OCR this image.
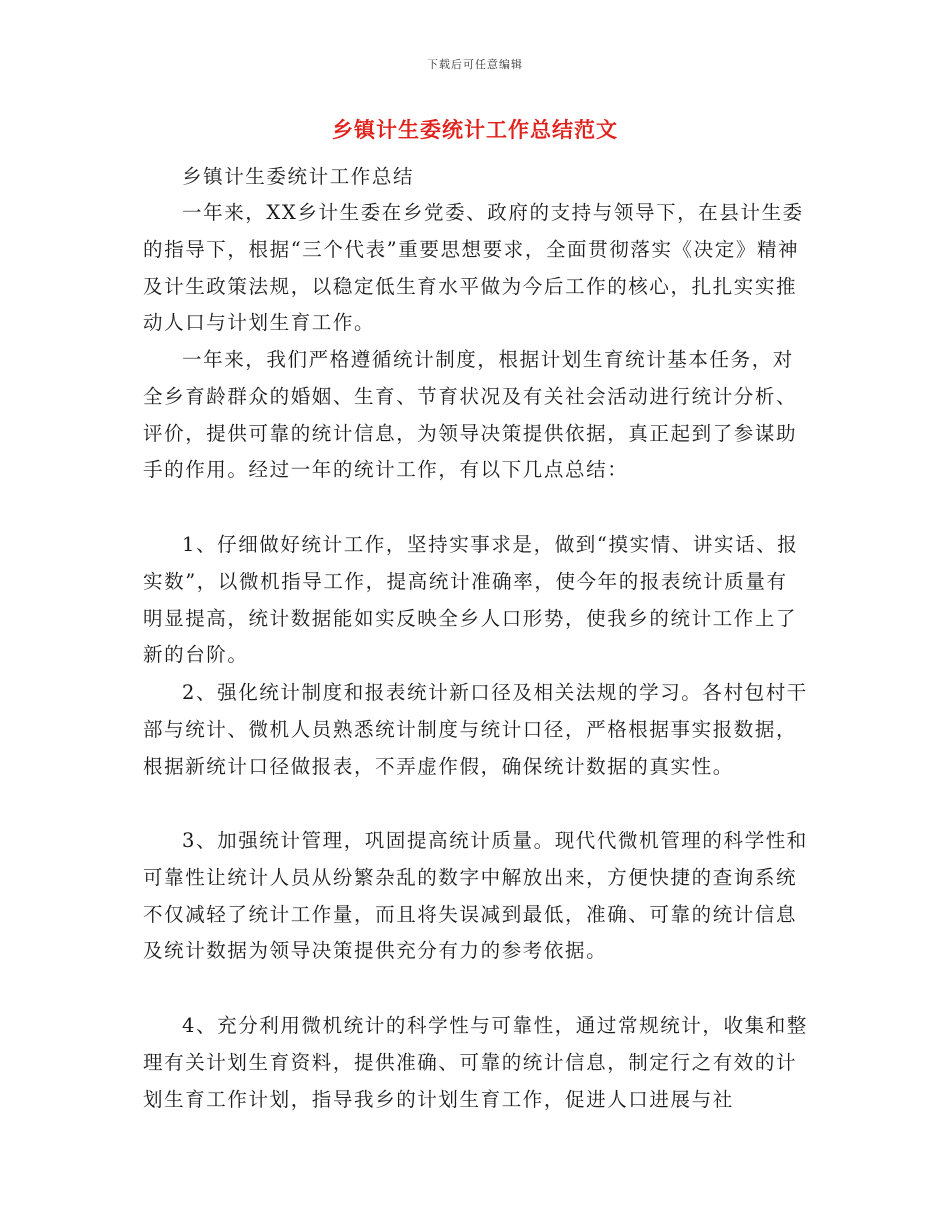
下载后可任意编辑
乡镇计生委统计工作总结范文

乡镇计生委统计工作总结

一年来，XX乡计生委在乡党委、政府的支持与领导下，在县计生委的指导下，根据“三个代表”重要思想要求，全面贯彻落实《决定》精神及计生政策法规，以稳定低生育水平做为今后工作的核心，扎扎实实推动人口与计划生育工作。

一年来，我们严格遵循统计制度，根据计划生育统计基本任务，对全乡育龄群众的婚姻、生育、节育状况及有关社会活动进行统计分析、评价，提供可靠的统计信息，为领导决策提供依据，真正起到了参谋助手的作用。经过一年的统计工作，有以下几点总结：

1、仔细做好统计工作，坚持实事求是，做到“摸实情、讲实话、报实数”，以微机指导工作，提高统计准确率，使今年的报表统计质量有明显提高，统计数据能如实反映全乡人口形势，使我乡的统计工作上了新的台阶。

2、强化统计制度和报表统计新口径及相关法规的学习。各村包村干部与统计、微机人员熟悉统计制度与统计口径，严格根据事实报数据，根据新统计口径做报表，不弄虚作假，确保统计数据的真实性。

3、加强统计管理，巩固提高统计质量。现代代微机管理的科学性和可靠性让统计人员从纷繁杂乱的数字中解放出来，方便快捷的查询系统不仅减轻了统计工作量，而且将失误减到最低，准确、可靠的统计信息及统计数据为领导决策提供充分有力的参考依据。

4、充分利用微机统计的科学性与可靠性，通过常规统计，收集和整理有关计划生育资料，提供准确、可靠的统计信息，制定行之有效的计划生育工作计划，指导我乡的计划生育工作，促进人口进展与社
